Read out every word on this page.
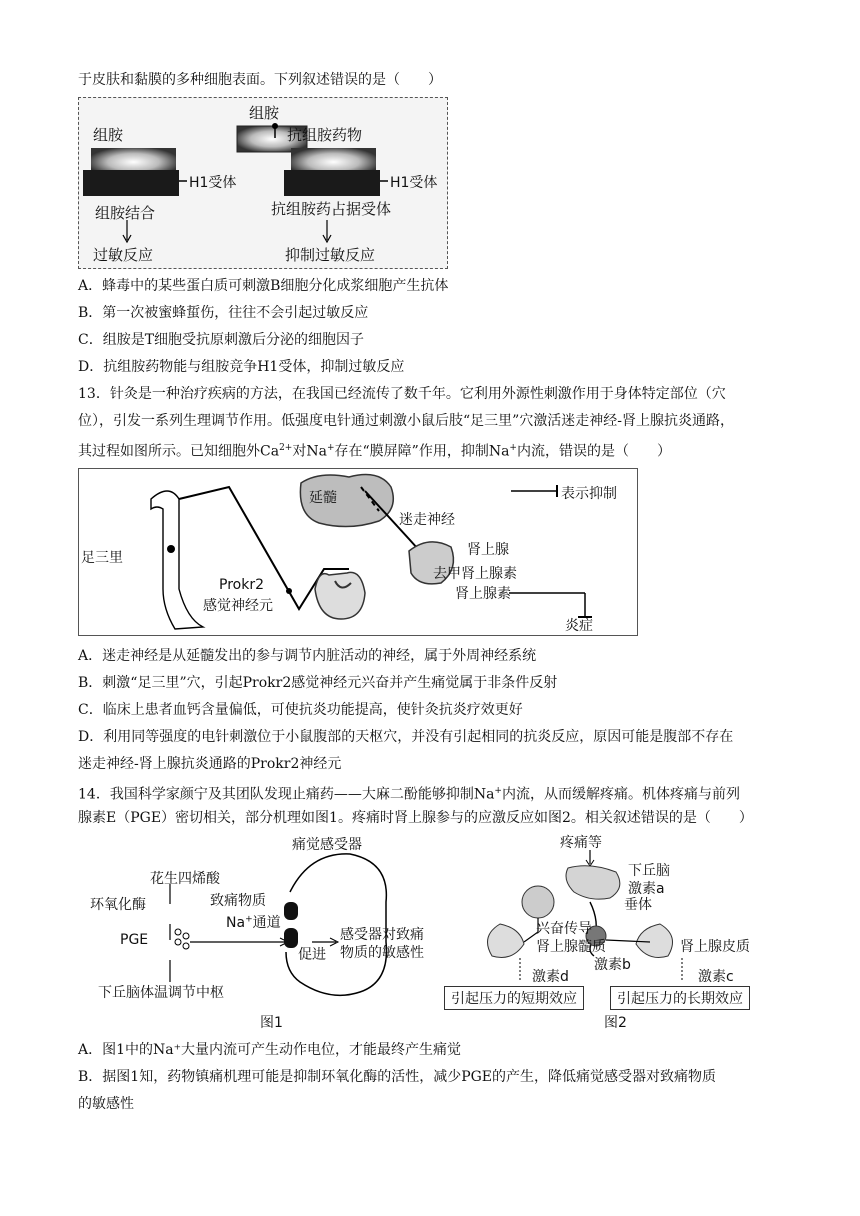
于皮肤和黏膜的多种细胞表面。下列叙述错误的是（　　）
组胺
组胺
抗组胺药物
H1受体	H1受体
组胺结合	抗组胺药占据受体
过敏反应	抑制过敏反应
A．蜂毒中的某些蛋白质可刺激B细胞分化成浆细胞产生抗体
B．第一次被蜜蜂蜇伤，往往不会引起过敏反应
C．组胺是T细胞受抗原刺激后分泌的细胞因子
D．抗组胺药物能与组胺竞争H1受体，抑制过敏反应
13．针灸是一种治疗疾病的方法，在我国已经流传了数千年。它利用外源性刺激作用于身体特定部位（穴
位），引发一系列生理调节作用。低强度电针通过刺激小鼠后肢“足三里”穴激活迷走神经-肾上腺抗炎通路，
其过程如图所示。已知细胞外$Ca^{2+}$对Na+存在“膜屏障”作用，抑制Na+内流，错误的是（　　）
延髓	表示抑制
迷走神经
肾上腺
足三里
去甲肾上腺素
Prokr2
肾上腺素
感觉神经元
炎症
A．迷走神经是从延髓发出的参与调节内脏活动的神经，属于外周神经系统
B．刺激“足三里”穴，引起Prokr2感觉神经元兴奋并产生痛觉属于非条件反射
C．临床上患者血钙含量偏低，可使抗炎功能提高，使针灸抗炎疗效更好
D．利用同等强度的电针刺激位于小鼠腹部的天枢穴，并没有引起相同的抗炎反应，原因可能是腹部不存在
迷走神经-肾上腺抗炎通路的Prokr2神经元
14．我国科学家颜宁及其团队发现止痛药——大麻二酚能够抑制Na+内流，从而缓解疼痛。机体疼痛与前列
腺素E（PGE）密切相关，部分机理如图1。疼痛时肾上腺参与的应激反应如图2。相关叙述错误的是（　　）
痛觉感受器
花生四烯酸
致痛物质
环氧化酶
Na+通道
PGE
促进
感受器对致痛
物质的敏感性
下丘脑体温调节中枢
图1
疼痛等
下丘脑
激素a
垂体
兴奋传导
肾上腺髓质	肾上腺皮质
激素b
激素d	激素c
引起压力的短期效应	引起压力的长期效应
图2
A．图1中的Na⁺大量内流可产生动作电位，才能最终产生痛觉
B．据图1知，药物镇痛机理可能是抑制环氧化酶的活性，减少PGE的产生，降低痛觉感受器对致痛物质
的敏感性
